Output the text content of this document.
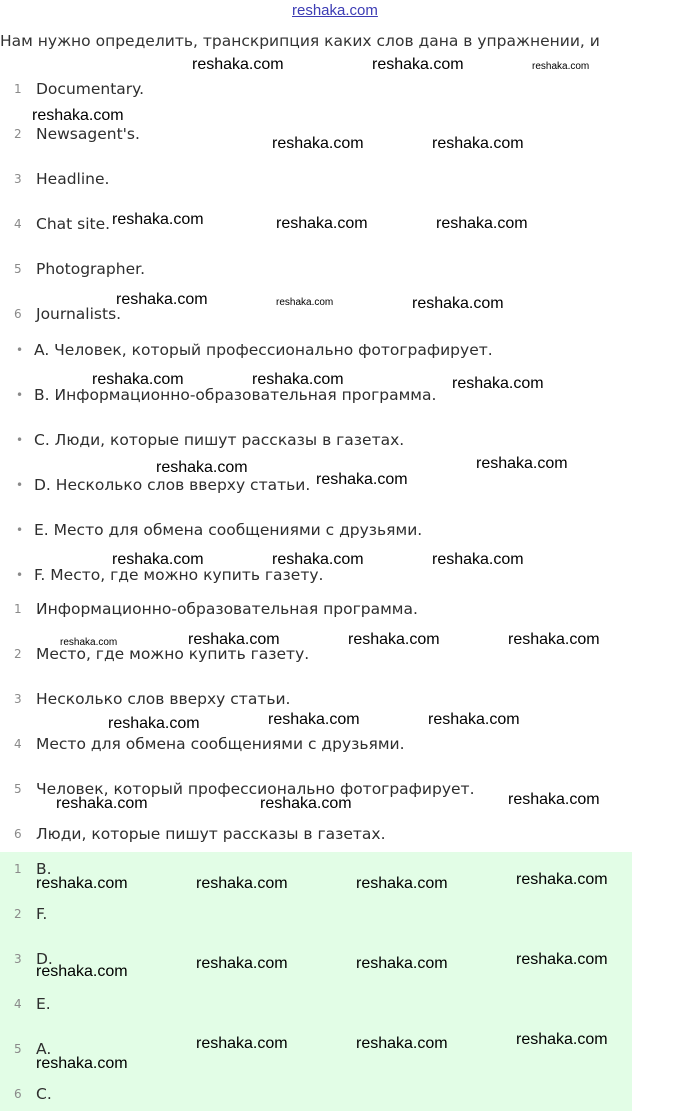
reshaka.com
Нам нужно определить, транскрипция каких слов дана в упражнении, и
1 Documentary.
2 Newsagent's.
3 Headline.
4 Chat site.
5 Photographer.
6 Journalists.
• A. Человек, который профессионально фотографирует.
• B. Информационно-образовательная программа.
• C. Люди, которые пишут рассказы в газетах.
• D. Несколько слов вверху статьи.
• E. Место для обмена сообщениями с друзьями.
• F. Место, где можно купить газету.
1 Информационно-образовательная программа.
2 Место, где можно купить газету.
3 Несколько слов вверху статьи.
4 Место для обмена сообщениями с друзьями.
5 Человек, который профессионально фотографирует.
6 Люди, которые пишут рассказы в газетах.
1 B.
2 F.
3 D.
4 E.
5 A.
6 C.
reshaka.com	reshaka.com	reshaka.com
reshaka.com
reshaka.com	reshaka.com
reshaka.com	reshaka.com	reshaka.com
reshaka.com	reshaka.com	reshaka.com
reshaka.com	reshaka.com	reshaka.com
reshaka.com	reshaka.com
reshaka.com
reshaka.com	reshaka.com	reshaka.com
reshaka.com	reshaka.com	reshaka.com	reshaka.com
reshaka.com	reshaka.com	reshaka.com
reshaka.com	reshaka.com	reshaka.com
reshaka.com	reshaka.com	reshaka.com	reshaka.com
reshaka.com	reshaka.com	reshaka.com	reshaka.com
reshaka.com	reshaka.com	reshaka.com
reshaka.com
